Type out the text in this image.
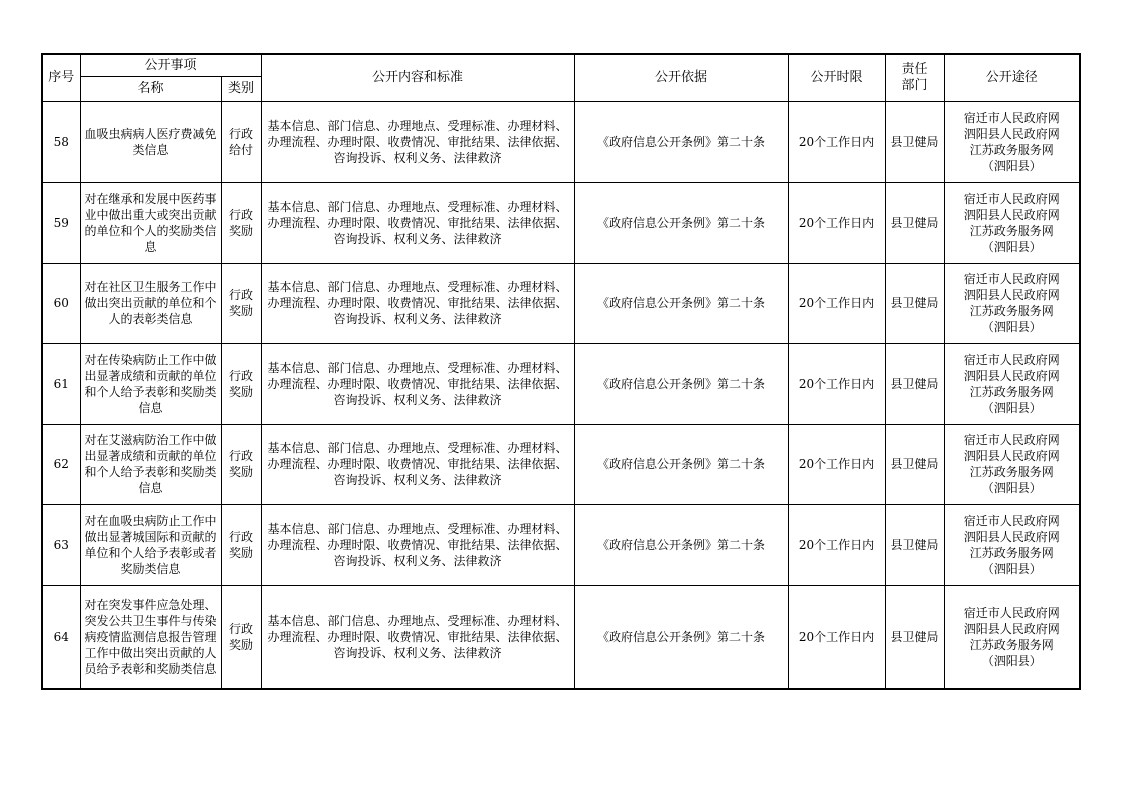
序号	公开事项		公开内容和标准	公开依据	公开时限	责任部门	公开途径
	名称	类别					
58	血吸虫病病人医疗费减免类信息	行政给付	基本信息、部门信息、办理地点、受理标准、办理材料、办理流程、办理时限、收费情况、审批结果、法律依据、咨询投诉、权利义务、法律救济	《政府信息公开条例》第二十条	20个工作日内	县卫健局	宿迁市人民政府网泗阳县人民政府网江苏政务服务网（泗阳县）
59	对在继承和发展中医药事业中做出重大或突出贡献的单位和个人的奖励类信息	行政奖励	基本信息、部门信息、办理地点、受理标准、办理材料、办理流程、办理时限、收费情况、审批结果、法律依据、咨询投诉、权利义务、法律救济	《政府信息公开条例》第二十条	20个工作日内	县卫健局	宿迁市人民政府网泗阳县人民政府网江苏政务服务网（泗阳县）
60	对在社区卫生服务工作中做出突出贡献的单位和个人的表彰类信息	行政奖励	基本信息、部门信息、办理地点、受理标准、办理材料、办理流程、办理时限、收费情况、审批结果、法律依据、咨询投诉、权利义务、法律救济	《政府信息公开条例》第二十条	20个工作日内	县卫健局	宿迁市人民政府网泗阳县人民政府网江苏政务服务网（泗阳县）
61	对在传染病防止工作中做出显著成绩和贡献的单位和个人给予表彰和奖励类信息	行政奖励	基本信息、部门信息、办理地点、受理标准、办理材料、办理流程、办理时限、收费情况、审批结果、法律依据、咨询投诉、权利义务、法律救济	《政府信息公开条例》第二十条	20个工作日内	县卫健局	宿迁市人民政府网泗阳县人民政府网江苏政务服务网（泗阳县）
62	对在艾滋病防治工作中做出显著成绩和贡献的单位和个人给予表彰和奖励类信息	行政奖励	基本信息、部门信息、办理地点、受理标准、办理材料、办理流程、办理时限、收费情况、审批结果、法律依据、咨询投诉、权利义务、法律救济	《政府信息公开条例》第二十条	20个工作日内	县卫健局	宿迁市人民政府网泗阳县人民政府网江苏政务服务网（泗阳县）
63	对在血吸虫病防止工作中做出显著城国际和贡献的单位和个人给予表彰或者奖励类信息	行政奖励	基本信息、部门信息、办理地点、受理标准、办理材料、办理流程、办理时限、收费情况、审批结果、法律依据、咨询投诉、权利义务、法律救济	《政府信息公开条例》第二十条	20个工作日内	县卫健局	宿迁市人民政府网泗阳县人民政府网江苏政务服务网（泗阳县）
64	对在突发事件应急处理、突发公共卫生事件与传染病疫情监测信息报告管理工作中做出突出贡献的人员给予表彰和奖励类信息	行政奖励	基本信息、部门信息、办理地点、受理标准、办理材料、办理流程、办理时限、收费情况、审批结果、法律依据、咨询投诉、权利义务、法律救济	《政府信息公开条例》第二十条	20个工作日内	县卫健局	宿迁市人民政府网泗阳县人民政府网江苏政务服务网（泗阳县）
